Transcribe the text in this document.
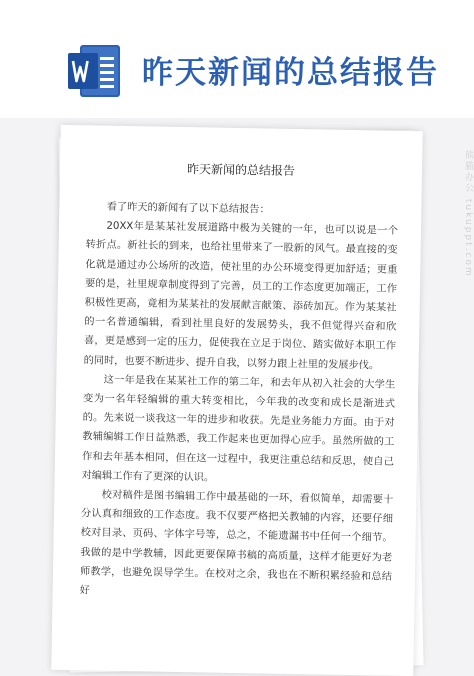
昨天新闻的总结报告
昨天新闻的总结报告

看了昨天的新闻有了以下总结报告：

20XX年是某某社发展道路中极为关键的一年，也可以说是一个转折点。新社长的到来，也给社里带来了一股新的风气。最直接的变化就是通过办公场所的改造，使社里的办公环境变得更加舒适；更重要的是，社里规章制度得到了完善，员工的工作态度更加端正，工作积极性更高，竟相为某某社的发展献言献策、添砖加瓦。作为某某社的一名普通编辑，看到社里良好的发展势头，我不但觉得兴奋和欣喜，更是感到一定的压力，促使我在立足于岗位、踏实做好本职工作的同时，也要不断进步、提升自我，以努力跟上社里的发展步伐。

这一年是我在某某社工作的第二年，和去年从初入社会的大学生变为一名年轻编辑的重大转变相比，今年我的改变和成长是渐进式的。先来说一谈我这一年的进步和收获。先是业务能力方面。由于对教辅编辑工作日益熟悉，我工作起来也更加得心应手。虽然所做的工作和去年基本相同，但在这一过程中，我更注重总结和反思，使自己对编辑工作有了更深的认识。

校对稿件是图书编辑工作中最基础的一环，看似简单，却需要十分认真和细致的工作态度。我不仅要严格把关教辅的内容，还要仔细校对目录、页码、字体字号等，总之，不能遗漏书中任何一个细节。我做的是中学教辅，因此更要保障书稿的高质量，这样才能更好为老师教学，也避免误导学生。在校对之余，我也在不断积累经验和总结好

熊猫办公 tukuppt.com
